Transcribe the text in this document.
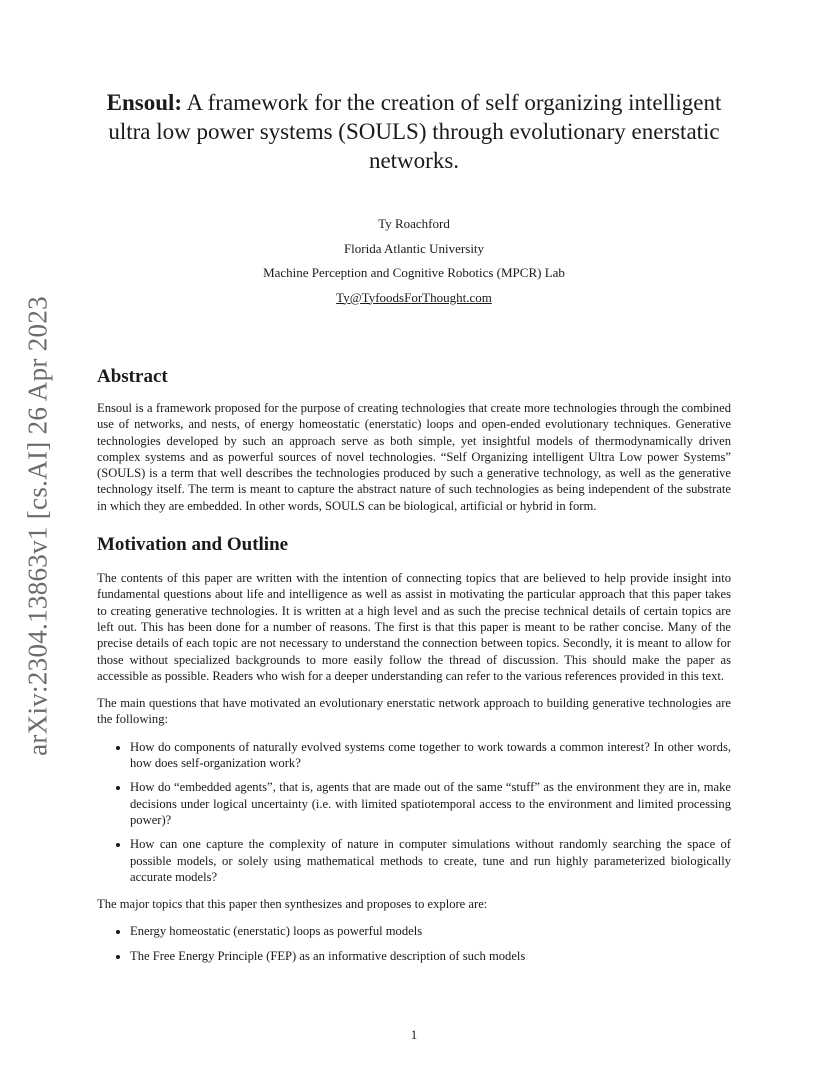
arXiv:2304.13863v1 [cs.AI] 26 Apr 2023
Ensoul: A framework for the creation of self organizing intelligent ultra low power systems (SOULS) through evolutionary enerstatic networks.
Ty Roachford
Florida Atlantic University
Machine Perception and Cognitive Robotics (MPCR) Lab
Ty@TyfoodsForThought.com
Abstract

Ensoul is a framework proposed for the purpose of creating technologies that create more technologies through the combined use of networks, and nests, of energy homeostatic (enerstatic) loops and open-ended evolutionary techniques. Generative technologies developed by such an approach serve as both simple, yet insightful models of thermodynamically driven complex systems and as powerful sources of novel technologies. “Self Organizing intelligent Ultra Low power Systems” (SOULS) is a term that well describes the technologies produced by such a generative technology, as well as the generative technology itself. The term is meant to capture the abstract nature of such technologies as being independent of the substrate in which they are embedded. In other words, SOULS can be biological, artificial or hybrid in form.

Motivation and Outline

The contents of this paper are written with the intention of connecting topics that are believed to help provide insight into fundamental questions about life and intelligence as well as assist in motivating the particular approach that this paper takes to creating generative technologies. It is written at a high level and as such the precise technical details of certain topics are left out. This has been done for a number of reasons. The first is that this paper is meant to be rather concise. Many of the precise details of each topic are not necessary to understand the connection between topics. Secondly, it is meant to allow for those without specialized backgrounds to more easily follow the thread of discussion. This should make the paper as accessible as possible. Readers who wish for a deeper understanding can refer to the various references provided in this text.

The main questions that have motivated an evolutionary enerstatic network approach to building generative technologies are the following:

• How do components of naturally evolved systems come together to work towards a common interest? In other words, how does self-organization work?
• How do “embedded agents”, that is, agents that are made out of the same “stuff” as the environment they are in, make decisions under logical uncertainty (i.e. with limited spatiotemporal access to the environment and limited processing power)?
• How can one capture the complexity of nature in computer simulations without randomly searching the space of possible models, or solely using mathematical methods to create, tune and run highly parameterized biologically accurate models?

The major topics that this paper then synthesizes and proposes to explore are:

• Energy homeostatic (enerstatic) loops as powerful models
• The Free Energy Principle (FEP) as an informative description of such models
1
